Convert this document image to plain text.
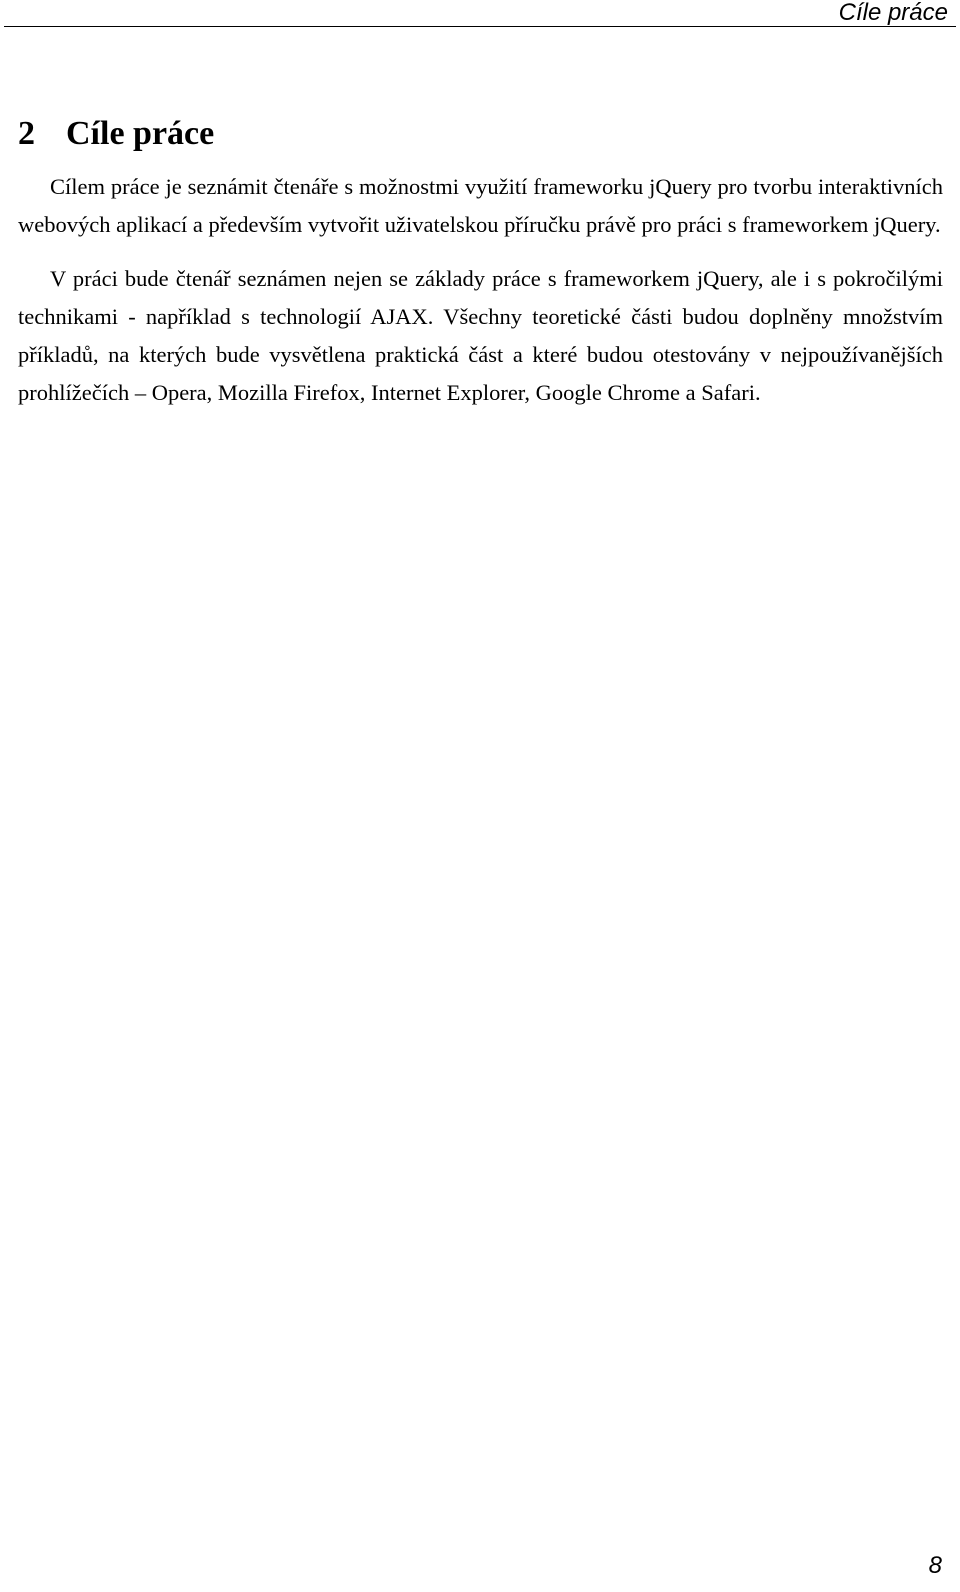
Cíle práce
2 Cíle práce

Cílem práce je seznámit čtenáře s možnostmi využití frameworku jQuery pro tvorbu interaktivních webových aplikací a především vytvořit uživatelskou příručku právě pro práci s frameworkem jQuery.

V práci bude čtenář seznámen nejen se základy práce s frameworkem jQuery, ale i s pokročilými technikami - například s technologií AJAX. Všechny teoretické části budou doplněny množstvím příkladů, na kterých bude vysvětlena praktická část a které budou otestovány v nejpoužívanějších prohlížečích – Opera, Mozilla Firefox, Internet Explorer, Google Chrome a Safari.

8
